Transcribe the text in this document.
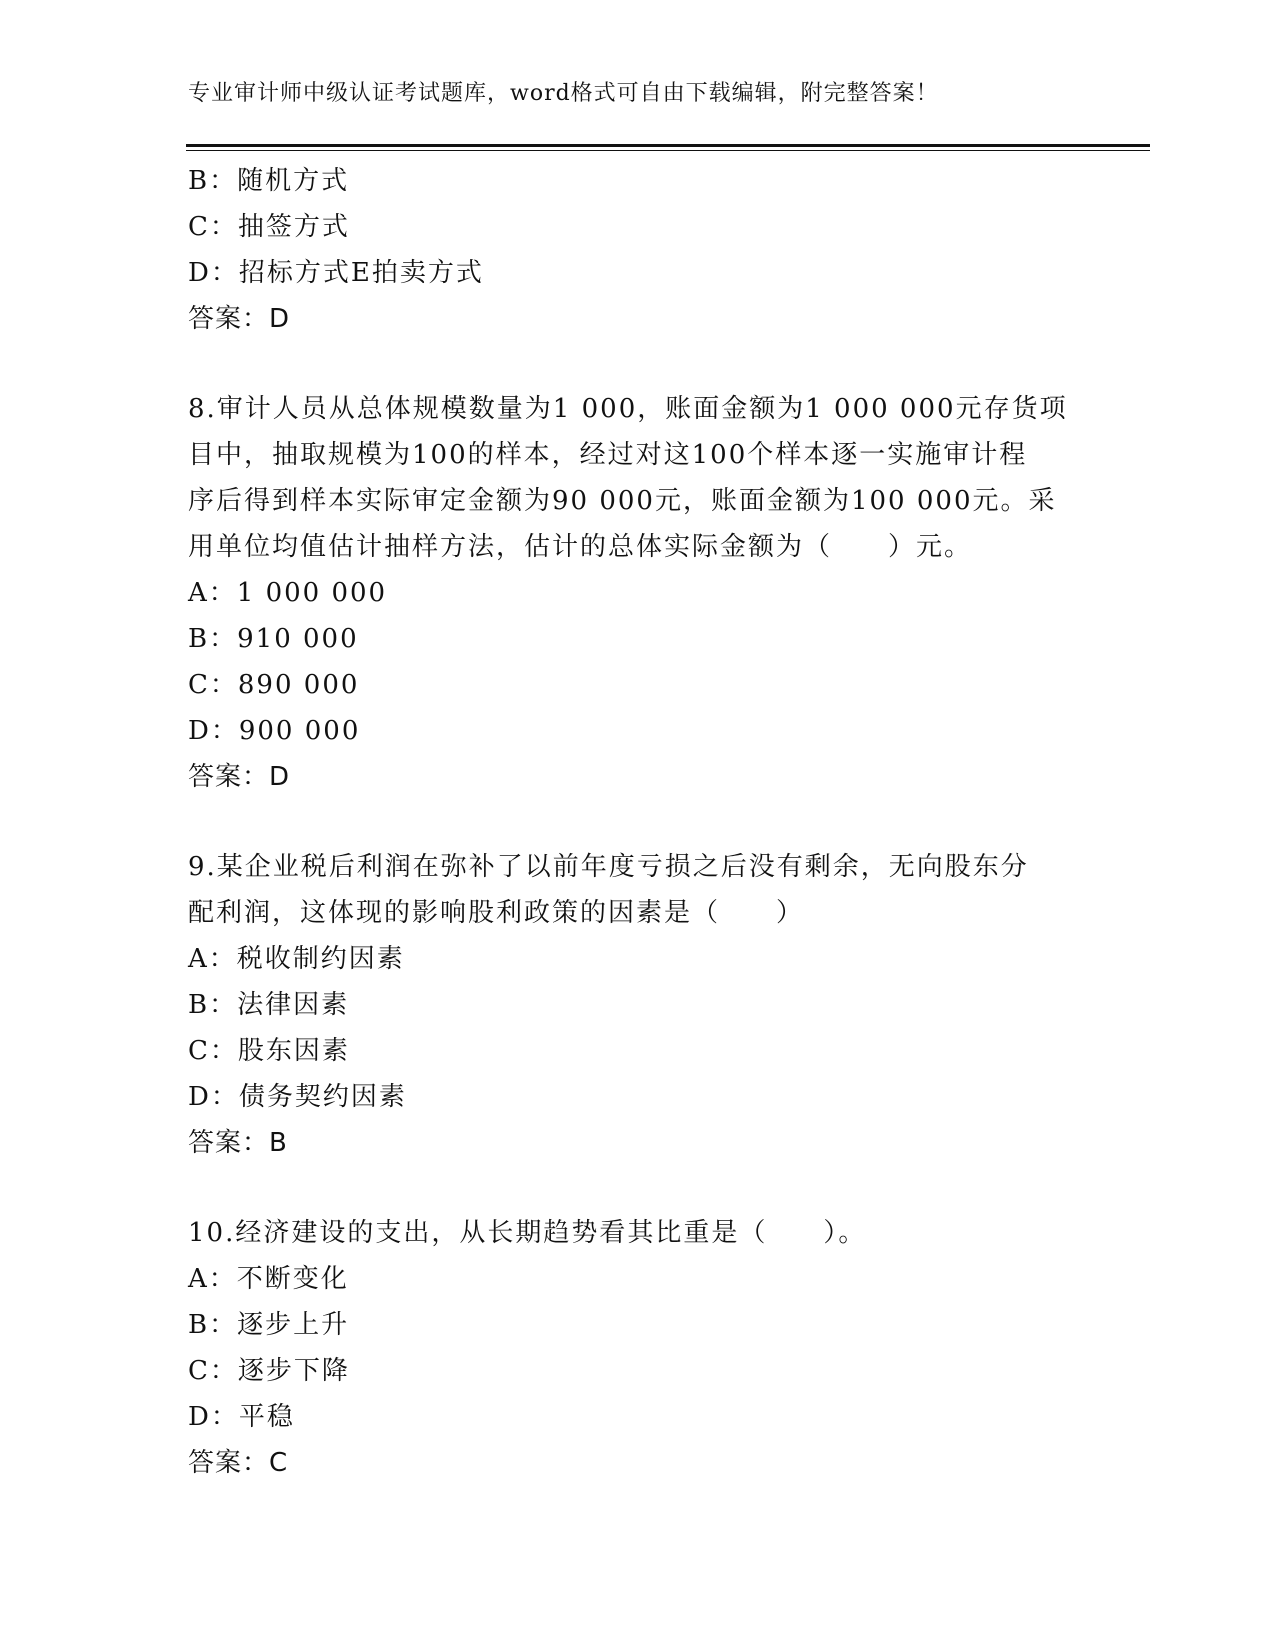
专业审计师中级认证考试题库，word格式可自由下载编辑，附完整答案！
B：随机方式
C：抽签方式
D：招标方式E拍卖方式
答案：D
8.审计人员从总体规模数量为1 000，账面金额为1 000 000元存货项
目中，抽取规模为100的样本，经过对这100个样本逐一实施审计程
序后得到样本实际审定金额为90 000元，账面金额为100 000元。采
用单位均值估计抽样方法，估计的总体实际金额为（　　）元。
A：1 000 000
B：910 000
C：890 000
D：900 000
答案：D
9.某企业税后利润在弥补了以前年度亏损之后没有剩余，无向股东分
配利润，这体现的影响股利政策的因素是（　　）
A：税收制约因素
B：法律因素
C：股东因素
D：债务契约因素
答案：B
10.经济建设的支出，从长期趋势看其比重是（　　）。
A：不断变化
B：逐步上升
C：逐步下降
D：平稳
答案：C
